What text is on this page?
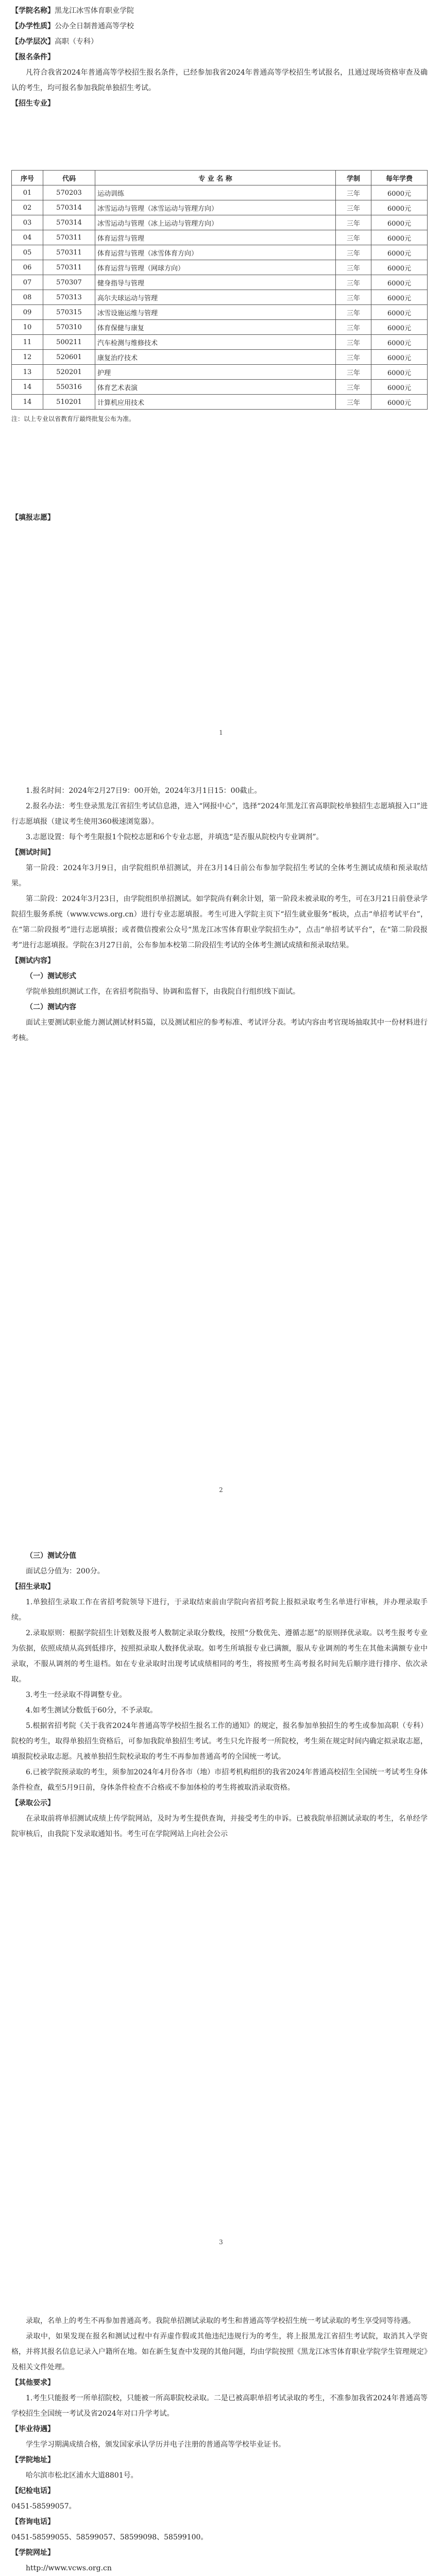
【学院名称】黑龙江冰雪体育职业学院
【办学性质】公办全日制普通高等学校
【办学层次】高职（专科）
【报名条件】
凡符合我省2024年普通高等学校招生报名条件，已经参加我省2024年普通高等学校招生考试报名，且通过现场资格审查及确认的考生，均可报名参加我院单独招生考试。
【招生专业】
序号	代码	专 业 名 称	学制	每年学费
01	570203	运动训练	三年	6000元
02	570314	冰雪运动与管理（冰雪运动与管理方向）	三年	6000元
03	570314	冰雪运动与管理（冰上运动与管理方向）	三年	6000元
04	570311	体育运营与管理	三年	6000元
05	570311	体育运营与管理（冰雪体育方向）	三年	6000元
06	570311	体育运营与管理（网球方向）	三年	6000元
07	570307	健身指导与管理	三年	6000元
08	570313	高尔夫球运动与管理	三年	6000元
09	570315	冰雪设施运维与管理	三年	6000元
10	570310	体育保健与康复	三年	6000元
11	500211	汽车检测与维修技术	三年	6000元
12	520601	康复治疗技术	三年	6000元
13	520201	护理	三年	6000元
14	550316	体育艺术表演	三年	6000元
14	510201	计算机应用技术	三年	6000元
注：以上专业以省教育厅最终批复公布为准。
【填报志愿】
1
1.报名时间：2024年2月27日9：00开始，2024年3月1日15：00截止。
2.报名办法：考生登录黑龙江省招生考试信息港，进入“网报中心”，选择“2024年黑龙江省高职院校单独招生志愿填报入口”进行志愿填报（建议考生使用360极速浏览器）。
3.志愿设置：每个考生限报1个院校志愿和6个专业志愿，并填选“是否服从院校内专业调剂”。
【测试时间】
第一阶段：2024年3月9日，由学院组织单招测试，并在3月14日前公布参加学院招生考试的全体考生测试成绩和预录取结果。
第二阶段：2024年3月23日，由学院组织单招测试。如学院尚有剩余计划，第一阶段未被录取的考生，可在3月21日前登录学院招生服务系统（www.vcws.org.cn）进行专业志愿填报。考生可进入学院主页下“招生就业服务”板块，点击“单招考试平台”，在“第二阶段报考”进行志愿填报；或者微信搜索公众号“黑龙江冰雪体育职业学院招生办”，点击“单招考试平台”，在“第二阶段报考”进行志愿填报。学院在3月27日前，公布参加本校第二阶段招生考试的全体考生测试成绩和预录取结果。
【测试内容】
（一）测试形式
学院单独组织测试工作，在省招考院指导、协调和监督下，由我院自行组织线下面试。
（二）测试内容
面试主要测试职业能力测试测试材料5篇，以及测试相应的参考标准、考试评分表。考试内容由考官现场抽取其中一份材料进行考核。
2
（三）测试分值
面试总分值为：200分。
【招生录取】
1.单独招生录取工作在省招考院领导下进行，于录取结束前由学院向省招考院上报拟录取考生名单进行审核，并办理录取手续。
2.录取原则：根据学院招生计划数及报考人数制定录取分数线，按照“分数优先、遵循志愿”的原则择优录取。以考生报考专业为依据，依照成绩从高到低排序，按照拟录取人数择优录取。如考生所填报专业已满额，服从专业调剂的考生在其他未满额专业中录取，不服从调剂的考生退档。如在专业录取时出现考试成绩相同的考生，将按照考生高考报名时间先后顺序进行排序、依次录取。
3.考生一经录取不得调整专业。
4.如考生测试分数低于60分，不予录取。
5.根据省招考院《关于我省2024年普通高等学校招生报名工作的通知》的规定，报名参加单独招生的考生或参加高职（专科）院校的考生，取得单独招生资格后，可参加我院单独招生考试。考生只允许报考一所院校，考生须在规定时间内确定拟录取志愿，填报院校录取志愿。凡被单独招生院校录取的考生不再参加普通高考的全国统一考试。
6.已被学院预录取的考生，须参加2024年4月份各市（地）市招考机构组织的我省2024年普通高校招生全国统一考试考生身体条件检查，截至5月9日前，身体条件检查不合格或不参加体检的考生将被取消录取资格。
【录取公示】
在录取前将单招测试成绩上传学院网站，及时为考生提供查询，并接受考生的申诉。已被我院单招测试录取的考生，名单经学院审核后，由我院下发录取通知书。考生可在学院网站上向社会公示
3
录取，名单上的考生不再参加普通高考。我院单招测试录取的考生和普通高等学校招生统一考试录取的考生享受同等待遇。
录取中，如果发现在报名和测试过程中有弄虚作假或其他违纪违规行为的考生，将上报黑龙江省招生考试院，取消其入学资格，并将其报名信息记录入户籍所在地。如在新生复查中发现的其他问题，均由学院按照《黑龙江冰雪体育职业学院学生管理规定》及相关文件处理。
【其他要求】
1.考生只能报考一所单招院校，只能被一所高职院校录取。二是已被高职单招考试录取的考生，不准参加我省2024年普通高等学校招生全国统一考试及省2024年对口升学考试。
【毕业待遇】
学生学习期满成绩合格，颁发国家承认学历并电子注册的普通高等学校毕业证书。
【学院地址】
哈尔滨市松北区浦水大道8801号。
【纪检电话】
0451-58599057。
【咨询电话】
0451-58599055、58599057、58599098、58599100。
【学院网址】
http://www.vcws.org.cn
